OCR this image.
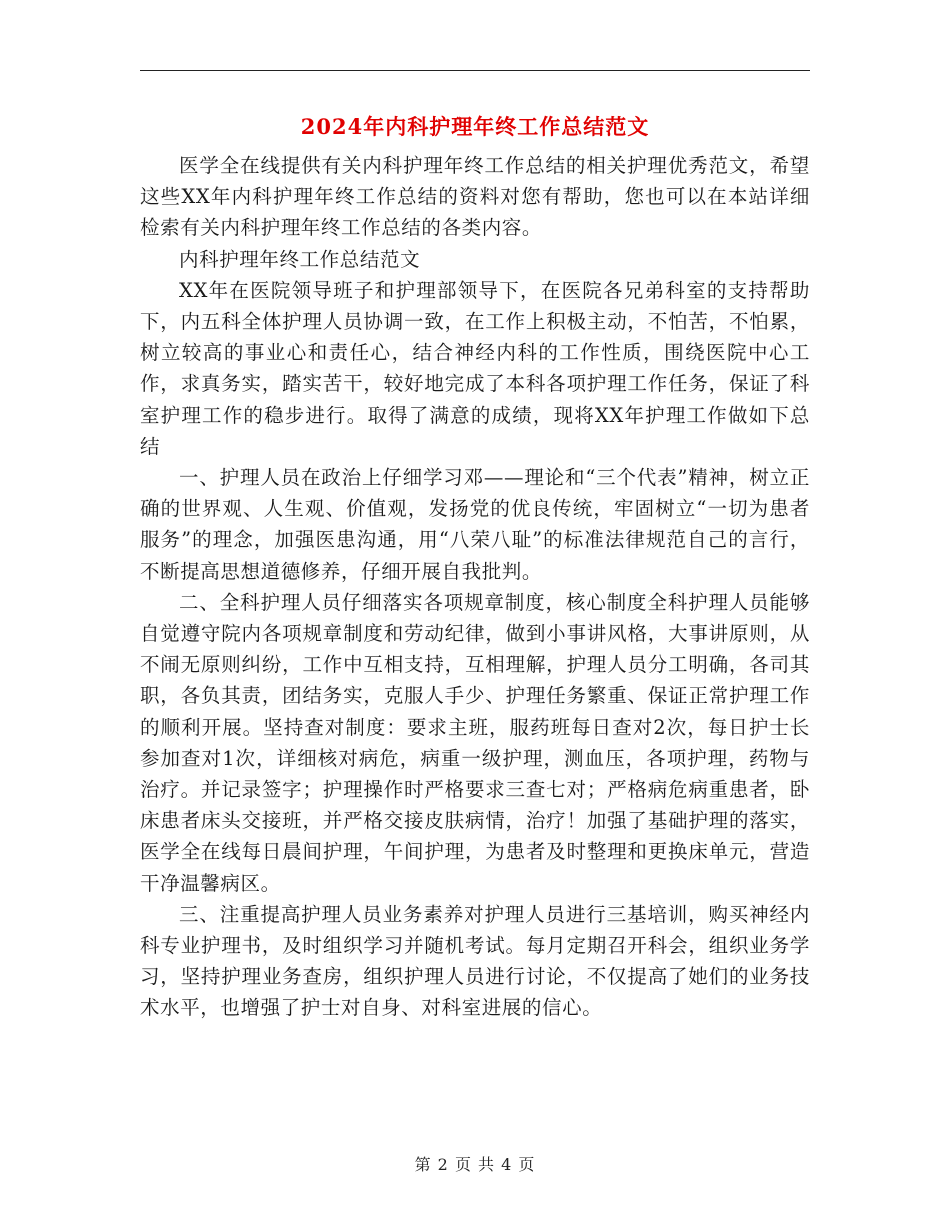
2024年内科护理年终工作总结范文

医学全在线提供有关内科护理年终工作总结的相关护理优秀范文，希望这些XX年内科护理年终工作总结的资料对您有帮助，您也可以在本站详细检索有关内科护理年终工作总结的各类内容。

内科护理年终工作总结范文

XX年在医院领导班子和护理部领导下，在医院各兄弟科室的支持帮助下，内五科全体护理人员协调一致，在工作上积极主动，不怕苦，不怕累，树立较高的事业心和责任心，结合神经内科的工作性质，围绕医院中心工作，求真务实，踏实苦干，较好地完成了本科各项护理工作任务，保证了科室护理工作的稳步进行。取得了满意的成绩，现将XX年护理工作做如下总结

一、护理人员在政治上仔细学习邓——理论和“三个代表”精神，树立正确的世界观、人生观、价值观，发扬党的优良传统，牢固树立“一切为患者服务”的理念，加强医患沟通，用“八荣八耻”的标准法律规范自己的言行，不断提高思想道德修养，仔细开展自我批判。

二、全科护理人员仔细落实各项规章制度，核心制度全科护理人员能够自觉遵守院内各项规章制度和劳动纪律，做到小事讲风格，大事讲原则，从不闹无原则纠纷，工作中互相支持，互相理解，护理人员分工明确，各司其职，各负其责，团结务实，克服人手少、护理任务繁重、保证正常护理工作的顺利开展。坚持查对制度：要求主班，服药班每日查对2次，每日护士长参加查对1次，详细核对病危，病重一级护理，测血压，各项护理，药物与治疗。并记录签字；护理操作时严格要求三查七对；严格病危病重患者，卧床患者床头交接班，并严格交接皮肤病情，治疗！加强了基础护理的落实，医学全在线每日晨间护理，午间护理，为患者及时整理和更换床单元，营造干净温馨病区。

三、注重提高护理人员业务素养对护理人员进行三基培训，购买神经内科专业护理书，及时组织学习并随机考试。每月定期召开科会，组织业务学习，坚持护理业务查房，组织护理人员进行讨论，不仅提高了她们的业务技术水平，也增强了护士对自身、对科室进展的信心。

第 2 页 共 4 页
